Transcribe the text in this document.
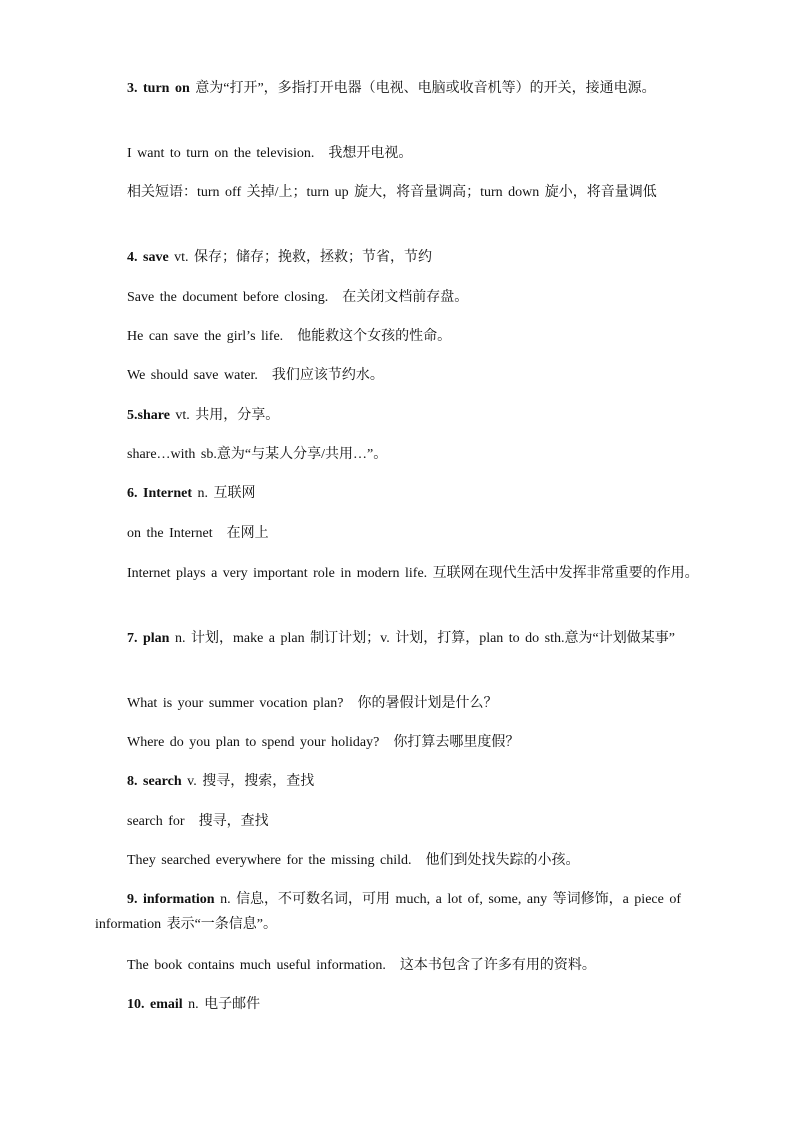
3. turn on 意为“打开”，多指打开电器（电视、电脑或收音机等）的开关，接通电源。
I want to turn on the television. 我想开电视。
相关短语：turn off 关掉/上；turn up 旋大，将音量调高；turn down 旋小，将音量调低
4. save vt. 保存；储存；挽救，拯救；节省，节约
Save the document before closing. 在关闭文档前存盘。
He can save the girl’s life. 他能救这个女孩的性命。
We should save water. 我们应该节约水。
5.share vt. 共用，分享。
share…with sb.意为“与某人分享/共用…”。
6. Internet n. 互联网
on the Internet 在网上
Internet plays a very important role in modern life. 互联网在现代生活中发挥非常重要的作用。
7. plan n. 计划，make a plan 制订计划；v. 计划，打算，plan to do sth.意为“计划做某事”
What is your summer vocation plan? 你的暑假计划是什么？
Where do you plan to spend your holiday? 你打算去哪里度假？
8. search v. 搜寻，搜索，查找
search for 搜寻，查找
They searched everywhere for the missing child. 他们到处找失踪的小孩。
9. information n. 信息，不可数名词，可用 much, a lot of, some, any 等词修饰，a piece of information 表示“一条信息”。
The book contains much useful information. 这本书包含了许多有用的资料。
10. email n. 电子邮件
